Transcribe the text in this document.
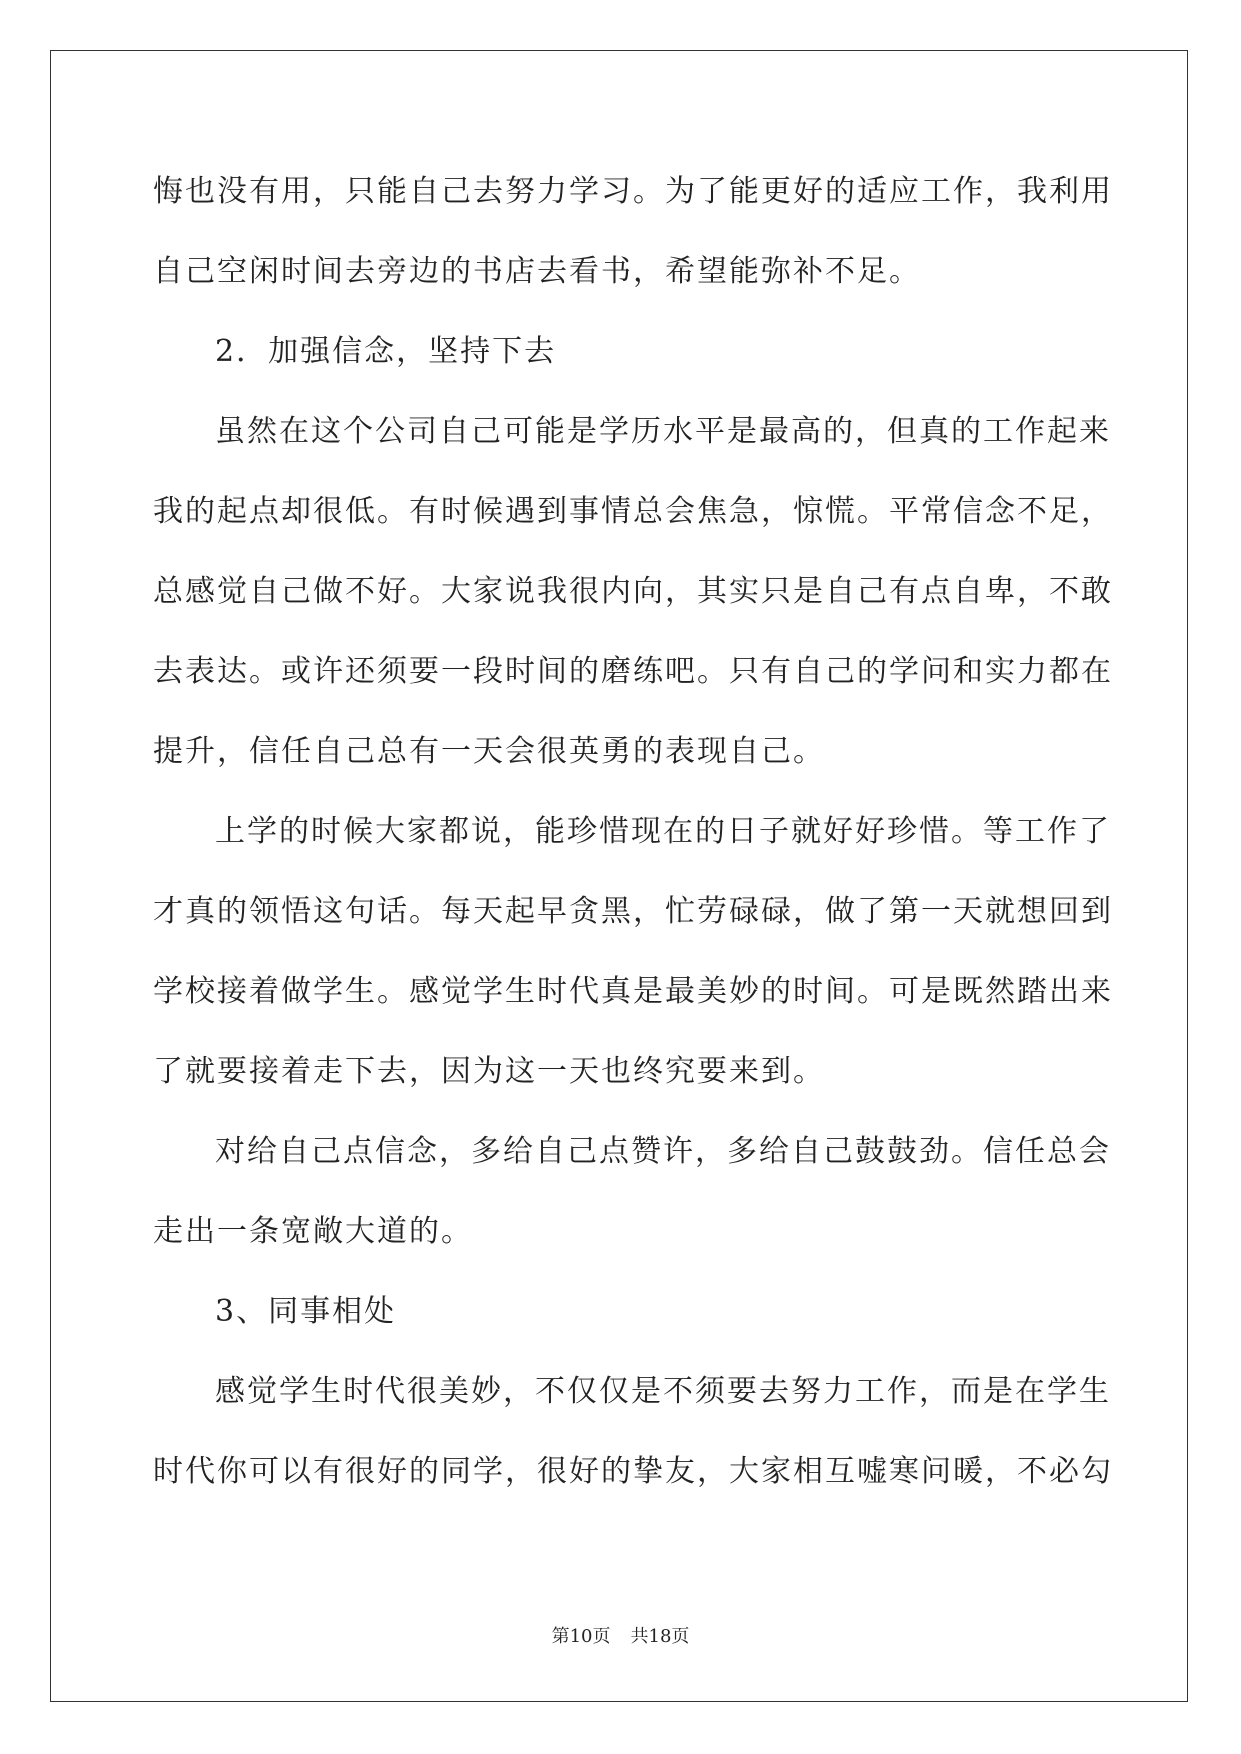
悔也没有用，只能自己去努力学习。为了能更好的适应工作，我利用
自己空闲时间去旁边的书店去看书，希望能弥补不足。
2．加强信念，坚持下去
虽然在这个公司自己可能是学历水平是最高的，但真的工作起来
我的起点却很低。有时候遇到事情总会焦急，惊慌。平常信念不足，
总感觉自己做不好。大家说我很内向，其实只是自己有点自卑，不敢
去表达。或许还须要一段时间的磨练吧。只有自己的学问和实力都在
提升，信任自己总有一天会很英勇的表现自己。
上学的时候大家都说，能珍惜现在的日子就好好珍惜。等工作了
才真的领悟这句话。每天起早贪黑，忙劳碌碌，做了第一天就想回到
学校接着做学生。感觉学生时代真是最美妙的时间。可是既然踏出来
了就要接着走下去，因为这一天也终究要来到。
对给自己点信念，多给自己点赞许，多给自己鼓鼓劲。信任总会
走出一条宽敞大道的。
3、同事相处
感觉学生时代很美妙，不仅仅是不须要去努力工作，而是在学生
时代你可以有很好的同学，很好的挚友，大家相互嘘寒问暖，不必勾
第10页 共18页
